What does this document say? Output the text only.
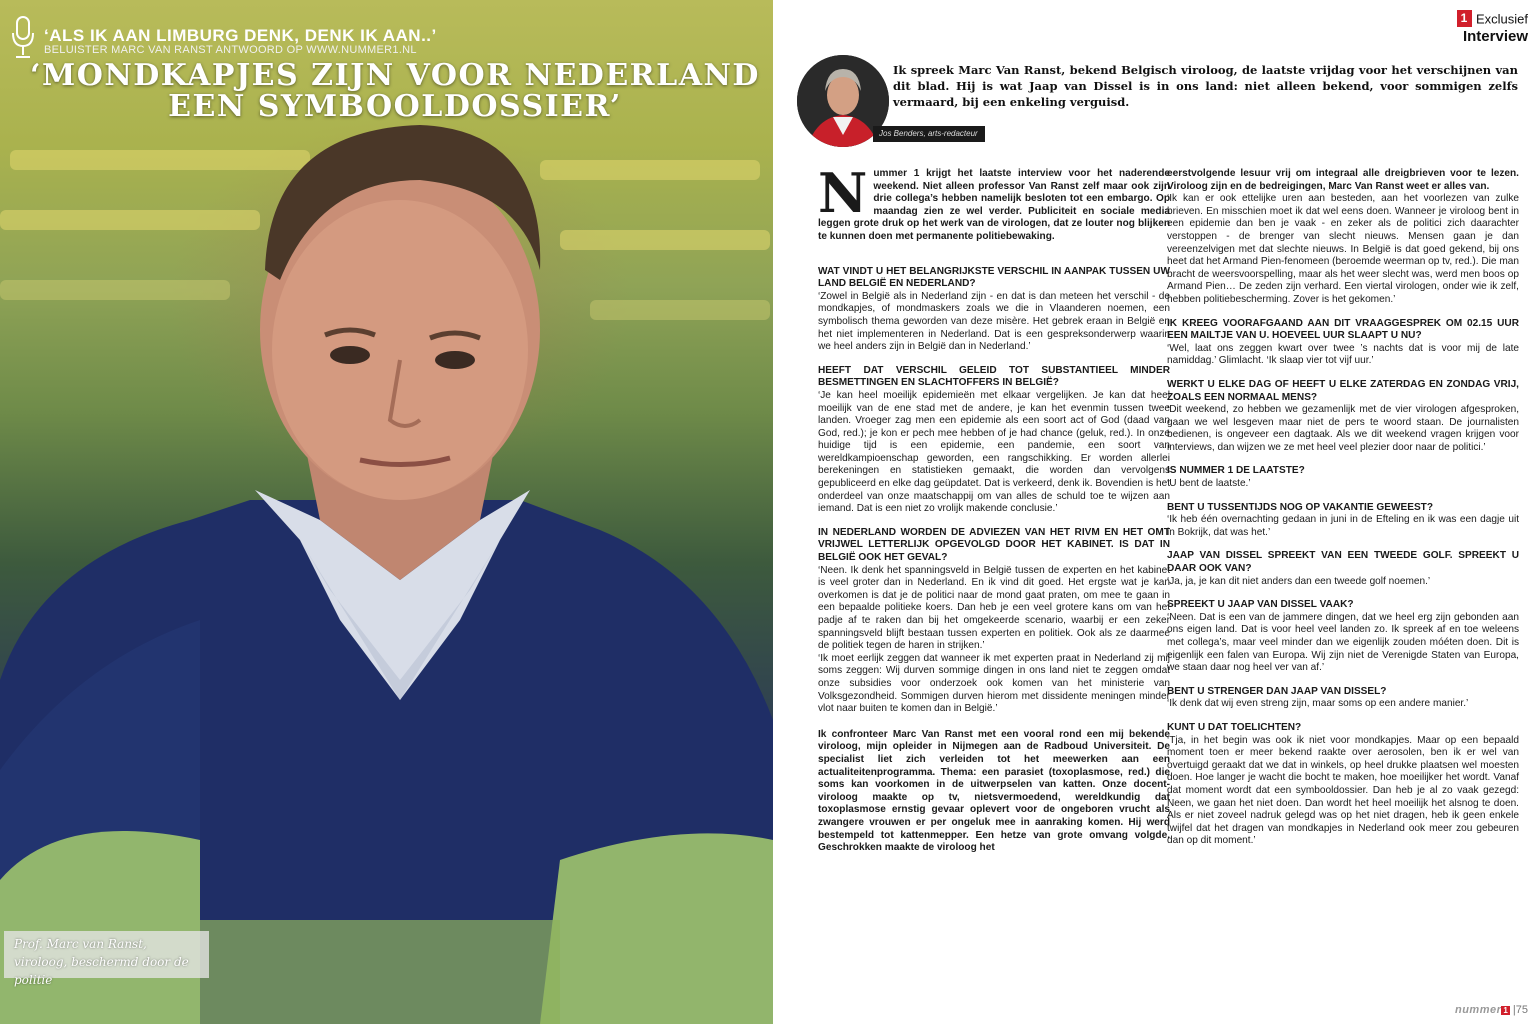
‘ALS IK AAN LIMBURG DENK, DENK IK AAN..’
BELUISTER MARC VAN RANST ANTWOORD OP WWW.NUMMER1.NL
‘MONDKAPJES ZIJN VOOR NEDERLAND
EEN SYMBOOLDOSSIER’
Prof. Marc van Ranst,
viroloog, beschermd door de politie
1 Exclusief
Interview
Jos Benders, arts-redacteur
Ik spreek Marc Van Ranst, bekend Belgisch viroloog, de laatste vrijdag voor het verschijnen van dit blad. Hij is wat Jaap van Dissel is in ons land: niet alleen bekend, voor sommigen zelfs vermaard, bij een enkeling verguisd.

N ummer 1 krijgt het laatste interview voor het naderende weekend. Niet alleen professor Van Ranst zelf maar ook zijn drie collega’s hebben namelijk besloten tot een embargo. Op maandag zien ze wel verder. Publiciteit en sociale media leggen grote druk op het werk van de virologen, dat ze louter nog blijken te kunnen doen met permanente politiebewaking.

WAT VINDT U HET BELANGRIJKSTE VERSCHIL IN AANPAK TUSSEN UW LAND BELGIË EN NEDERLAND?

‘Zowel in België als in Nederland zijn - en dat is dan meteen het verschil - de mondkapjes, of mondmaskers zoals we die in Vlaanderen noemen, een symbolisch thema geworden van deze misère. Het gebrek eraan in België en het niet implementeren in Nederland. Dat is een gespreksonderwerp waarin we heel anders zijn in België dan in Nederland.’

HEEFT DAT VERSCHIL GELEID TOT SUBSTANTIEEL MINDER BESMETTINGEN EN SLACHTOFFERS IN BELGIË?

‘Je kan heel moeilijk epidemieën met elkaar vergelijken. Je kan dat heel moeilijk van de ene stad met de andere, je kan het evenmin tussen twee landen. Vroeger zag men een epidemie als een soort act of God (daad van God, red.); je kon er pech mee hebben of je had chance (geluk, red.). In onze huidige tijd is een epidemie, een pandemie, een soort van wereldkampioenschap geworden, een rangschikking. Er worden allerlei berekeningen en statistieken gemaakt, die worden dan vervolgens gepubliceerd en elke dag geüpdatet. Dat is verkeerd, denk ik. Bovendien is het onderdeel van onze maatschappij om van alles de schuld toe te wijzen aan iemand. Dat is een niet zo vrolijk makende conclusie.’

IN NEDERLAND WORDEN DE ADVIEZEN VAN HET RIVM EN HET OMT VRIJWEL LETTERLIJK OPGEVOLGD DOOR HET KABINET. IS DAT IN BELGIË OOK HET GEVAL?

‘Neen. Ik denk het spanningsveld in België tussen de experten en het kabinet is veel groter dan in Nederland. En ik vind dit goed. Het ergste wat je kan overkomen is dat je de politici naar de mond gaat praten, om mee te gaan in een bepaalde politieke koers. Dan heb je een veel grotere kans om van het padje af te raken dan bij het omgekeerde scenario, waarbij er een zeker spanningsveld blijft bestaan tussen experten en politiek. Ook als ze daarmee de politiek tegen de haren in strijken.’

‘Ik moet eerlijk zeggen dat wanneer ik met experten praat in Nederland zij mij soms zeggen: Wij durven sommige dingen in ons land niet te zeggen omdat onze subsidies voor onderzoek ook komen van het ministerie van Volksgezondheid. Sommigen durven hierom met dissidente meningen minder vlot naar buiten te komen dan in België.’

Ik confronteer Marc Van Ranst met een vooral rond een mij bekende viroloog, mijn opleider in Nijmegen aan de Radboud Universiteit. De specialist liet zich verleiden tot het meewerken aan een actualiteitenprogramma. Thema: een parasiet (toxoplasmose, red.) die soms kan voorkomen in de uitwerpselen van katten. Onze docent-viroloog maakte op tv, nietsvermoedend, wereldkundig dat toxoplasmose ernstig gevaar oplevert voor de ongeboren vrucht als zwangere vrouwen er per ongeluk mee in aanraking komen. Hij werd bestempeld tot kattenmepper. Een hetze van grote omvang volgde. Geschrokken maakte de viroloog het

eerstvolgende lesuur vrij om integraal alle dreigbrieven voor te lezen. Viroloog zijn en de bedreigingen, Marc Van Ranst weet er alles van.

‘Ik kan er ook ettelijke uren aan besteden, aan het voorlezen van zulke brieven. En misschien moet ik dat wel eens doen. Wanneer je viroloog bent in een epidemie dan ben je vaak - en zeker als de politici zich daarachter verstoppen - de brenger van slecht nieuws. Mensen gaan je dan vereenzelvigen met dat slechte nieuws. In België is dat goed gekend, bij ons heet dat het Armand Pien-fenomeen (beroemde weerman op tv, red.). Die man bracht de weersvoorspelling, maar als het weer slecht was, werd men boos op Armand Pien… De zeden zijn verhard. Een viertal virologen, onder wie ik zelf, hebben politiebescherming. Zover is het gekomen.’

IK KREEG VOORAFGAAND AAN DIT VRAAGGESPREK OM 02.15 UUR EEN MAILTJE VAN U. HOEVEEL UUR SLAAPT U NU?

‘Wel, laat ons zeggen kwart over twee ’s nachts dat is voor mij de late namiddag.’ Glimlacht. ‘Ik slaap vier tot vijf uur.’

WERKT U ELKE DAG OF HEEFT U ELKE ZATERDAG EN ZONDAG VRIJ, ZOALS EEN NORMAAL MENS?

‘Dit weekend, zo hebben we gezamenlijk met de vier virologen afgesproken, gaan we wel lesgeven maar niet de pers te woord staan. De journalisten bedienen, is ongeveer een dagtaak. Als we dit weekend vragen krijgen voor interviews, dan wijzen we ze met heel veel plezier door naar de politici.’

IS NUMMER 1 DE LAATSTE?

‘U bent de laatste.’

BENT U TUSSENTIJDS NOG OP VAKANTIE GEWEEST?

‘Ik heb één overnachting gedaan in juni in de Efteling en ik was een dagje uit in Bokrijk, dat was het.’

JAAP VAN DISSEL SPREEKT VAN EEN TWEEDE GOLF. SPREEKT U DAAR OOK VAN?

‘Ja, ja, je kan dit niet anders dan een tweede golf noemen.’

SPREEKT U JAAP VAN DISSEL VAAK?

‘Neen. Dat is een van de jammere dingen, dat we heel erg zijn gebonden aan ons eigen land. Dat is voor heel veel landen zo. Ik spreek af en toe weleens met collega’s, maar veel minder dan we eigenlijk zouden móéten doen. Dit is eigenlijk een falen van Europa. Wij zijn niet de Verenigde Staten van Europa, we staan daar nog heel ver van af.’

BENT U STRENGER DAN JAAP VAN DISSEL?

‘Ik denk dat wij even streng zijn, maar soms op een andere manier.’

KUNT U DAT TOELICHTEN?

‘Tja, in het begin was ook ik niet voor mondkapjes. Maar op een bepaald moment toen er meer bekend raakte over aerosolen, ben ik er wel van overtuigd geraakt dat we dat in winkels, op heel drukke plaatsen wel moesten doen. Hoe langer je wacht die bocht te maken, hoe moeilijker het wordt. Vanaf dat moment wordt dat een symbooldossier. Dan heb je al zo vaak gezegd: Neen, we gaan het niet doen. Dan wordt het heel moeilijk het alsnog te doen. Als er niet zoveel nadruk gelegd was op het niet dragen, heb ik geen enkele twijfel dat het dragen van mondkapjes in Nederland ook meer zou gebeuren dan op dit moment.’

nummer 1 |75
